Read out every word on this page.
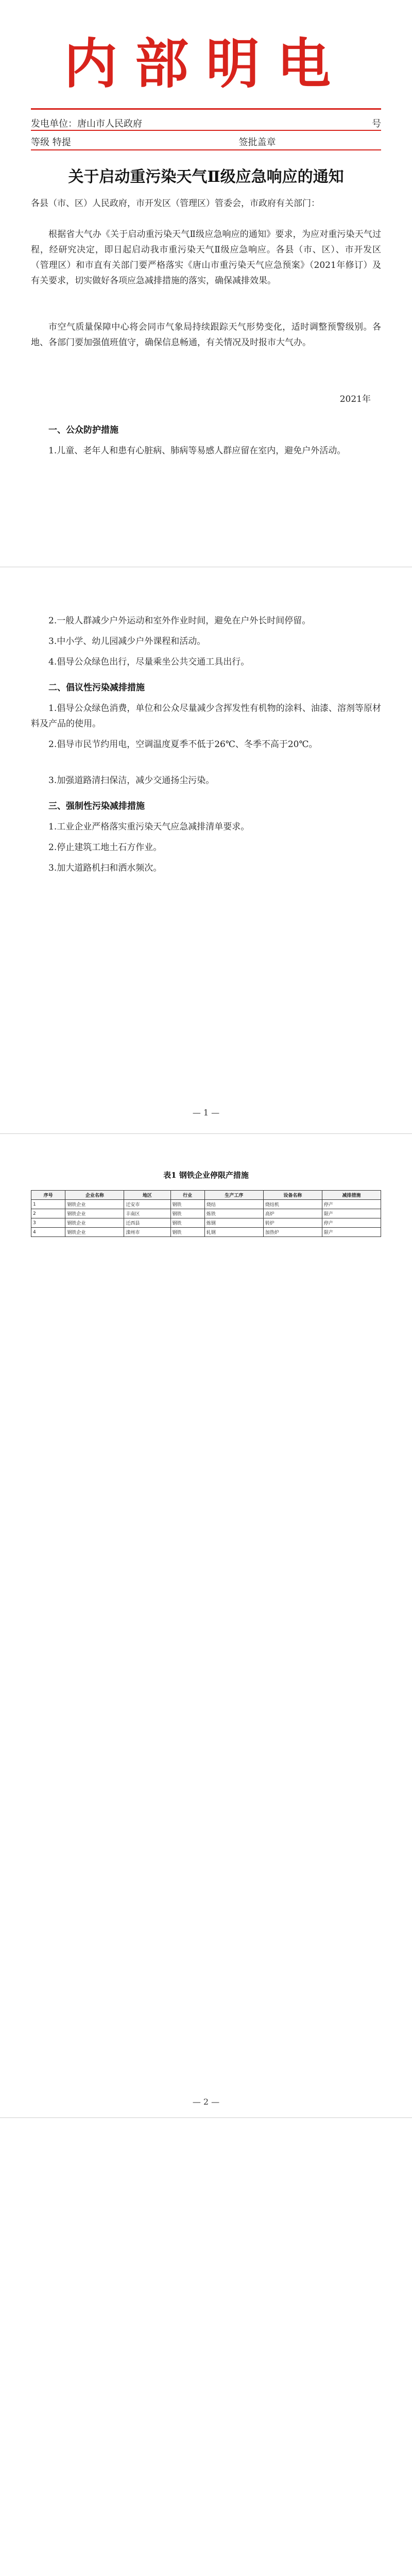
内部明电
发电单位：唐山市人民政府	号
等级 特提	签批盖章
关于启动重污染天气Ⅱ级应急响应的通知
各县（市、区）人民政府，市开发区（管理区）管委会，市政府有关部门：
根据省大气办《关于启动重污染天气Ⅱ级应急响应的通知》要求，为应对重污染天气过程，经研究决定，即日起启动我市重污染天气Ⅱ级应急响应。各县（市、区）、市开发区（管理区）和市直有关部门要严格落实《唐山市重污染天气应急预案》（2021年修订）及有关要求，切实做好各项应急减排措施的落实，确保减排效果。
市空气质量保障中心将会同市气象局持续跟踪天气形势变化，适时调整预警级别。各地、各部门要加强值班值守，确保信息畅通，有关情况及时报市大气办。
2021年
一、公众防护措施
1.儿童、老年人和患有心脏病、肺病等易感人群应留在室内，避免户外活动。
2.一般人群减少户外运动和室外作业时间，避免在户外长时间停留。
3.中小学、幼儿园减少户外课程和活动。
4.倡导公众绿色出行，尽量乘坐公共交通工具出行。
二、倡议性污染减排措施
1.倡导公众绿色消费，单位和公众尽量减少含挥发性有机物的涂料、油漆、溶剂等原材料及产品的使用。
2.倡导市民节约用电，空调温度夏季不低于26℃、冬季不高于20℃。
3.加强道路清扫保洁，减少交通扬尘污染。
三、强制性污染减排措施
1.工业企业严格落实重污染天气应急减排清单要求。
2.停止建筑工地土石方作业。
3.加大道路机扫和洒水频次。
— 1 —
表1 钢铁企业停限产措施
序号	企业名称	地区	行业	生产工序	设备名称	减排措施
1	钢铁企业	迁安市	钢铁	烧结	烧结机	停产
2	钢铁企业	丰南区	钢铁	炼铁	高炉	限产
3	钢铁企业	迁西县	钢铁	炼钢	转炉	停产
4	钢铁企业	滦州市	钢铁	轧钢	加热炉	限产
— 2 —
